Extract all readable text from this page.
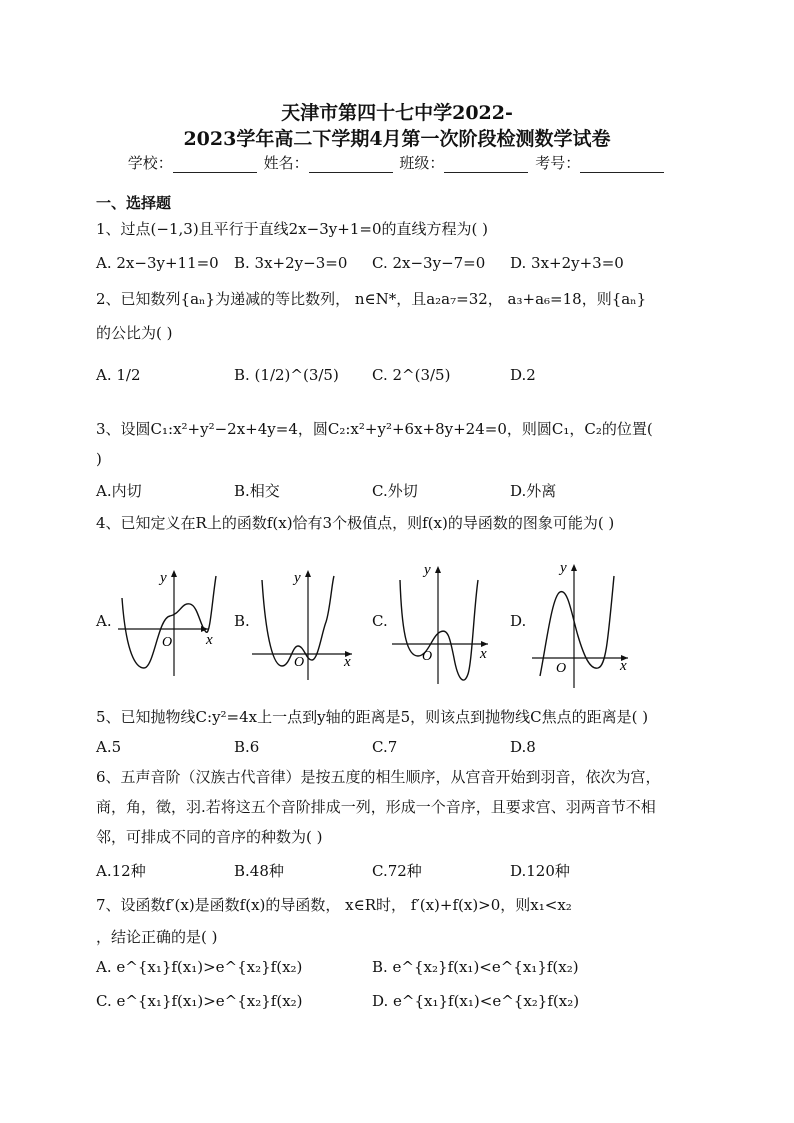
天津市第四十七中学2022-
2023学年高二下学期4月第一次阶段检测数学试卷
学校：	姓名：	班级：	考号：
一、选择题
1、过点(−1,3)且平行于直线2x−3y+1=0的直线方程为( )
A. 2x−3y+11=0 B. 3x+2y−3=0 C. 2x−3y−7=0 D. 3x+2y+3=0
2、已知数列{aₙ}为递减的等比数列， n∈N*，且a₂a₇=32， a₃+a₆=18，则{aₙ}
的公比为( )
A. 1/2	B. (1/2)^(3/5) C. 2^(3/5)	D.2
3、设圆C₁:x²+y²−2x+4y=4，圆C₂:x²+y²+6x+8y+24=0，则圆C₁，C₂的位置(
)
A.内切	B.相交	C.外切	D.外离
4、已知定义在R上的函数f(x)恰有3个极值点，则f(x)的导函数的图象可能为( )
A.
y
x
O
B.
y
x
O
C.
y
x
O
D.
y
x
O
5、已知抛物线C:y²=4x上一点到y轴的距离是5，则该点到抛物线C焦点的距离是( )
A.5	B.6	C.7	D.8
6、五声音阶（汉族古代音律）是按五度的相生顺序，从宫音开始到羽音，依次为宫，
商，角，徵，羽.若将这五个音阶排成一列，形成一个音序，且要求宫、羽两音节不相
邻，可排成不同的音序的种数为( )
A.12种	B.48种	C.72种	D.120种
7、设函数f′(x)是函数f(x)的导函数， x∈R时， f′(x)+f(x)>0，则x₁<x₂
，结论正确的是( )
A. e^{x₁}f(x₁)>e^{x₂}f(x₂)	B. e^{x₂}f(x₁)<e^{x₁}f(x₂)
C. e^{x₁}f(x₁)>e^{x₂}f(x₂)	D. e^{x₁}f(x₁)<e^{x₂}f(x₂)
